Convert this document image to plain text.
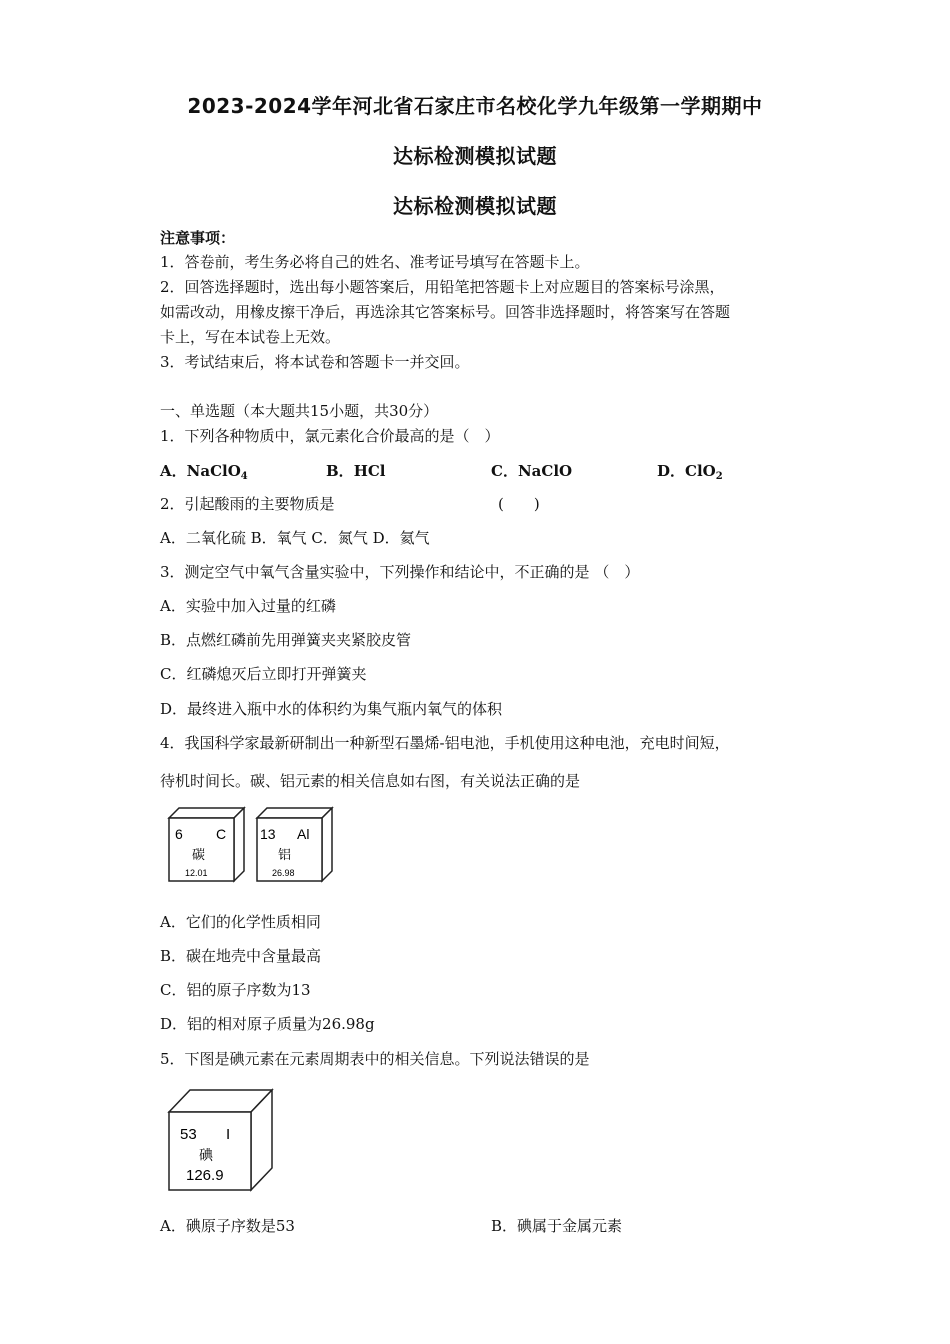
2023-2024学年河北省石家庄市名校化学九年级第一学期期中
达标检测模拟试题
达标检测模拟试题
注意事项：
1．答卷前，考生务必将自己的姓名、准考证号填写在答题卡上。
2．回答选择题时，选出每小题答案后，用铅笔把答题卡上对应题目的答案标号涂黑，
如需改动，用橡皮擦干净后，再选涂其它答案标号。回答非选择题时，将答案写在答题
卡上，写在本试卷上无效。
3．考试结束后，将本试卷和答题卡一并交回。
一、单选题（本大题共15小题，共30分）
1．下列各种物质中，氯元素化合价最高的是（　）
A．NaClO$_4$	B．HCl	C．NaClO	D．ClO$_2$
2．引起酸雨的主要物质是	(　　)
A．二氧化硫 B．氧气 C．氮气 D．氦气
3．测定空气中氧气含量实验中，下列操作和结论中，不正确的是 （　）
A．实验中加入过量的红磷
B．点燃红磷前先用弹簧夹夹紧胶皮管
C．红磷熄灭后立即打开弹簧夹
D．最终进入瓶中水的体积约为集气瓶内氧气的体积
4．我国科学家最新研制出一种新型石墨烯-铝电池，手机使用这种电池，充电时间短，
待机时间长。碳、铝元素的相关信息如右图，有关说法正确的是
6 C
碳
12.01
13 Al
铝
26.98
A．它们的化学性质相同
B．碳在地壳中含量最高
C．铝的原子序数为13
D．铝的相对原子质量为26.98g
5．下图是碘元素在元素周期表中的相关信息。下列说法错误的是
53 I
碘
126.9
A．碘原子序数是53	B．碘属于金属元素
